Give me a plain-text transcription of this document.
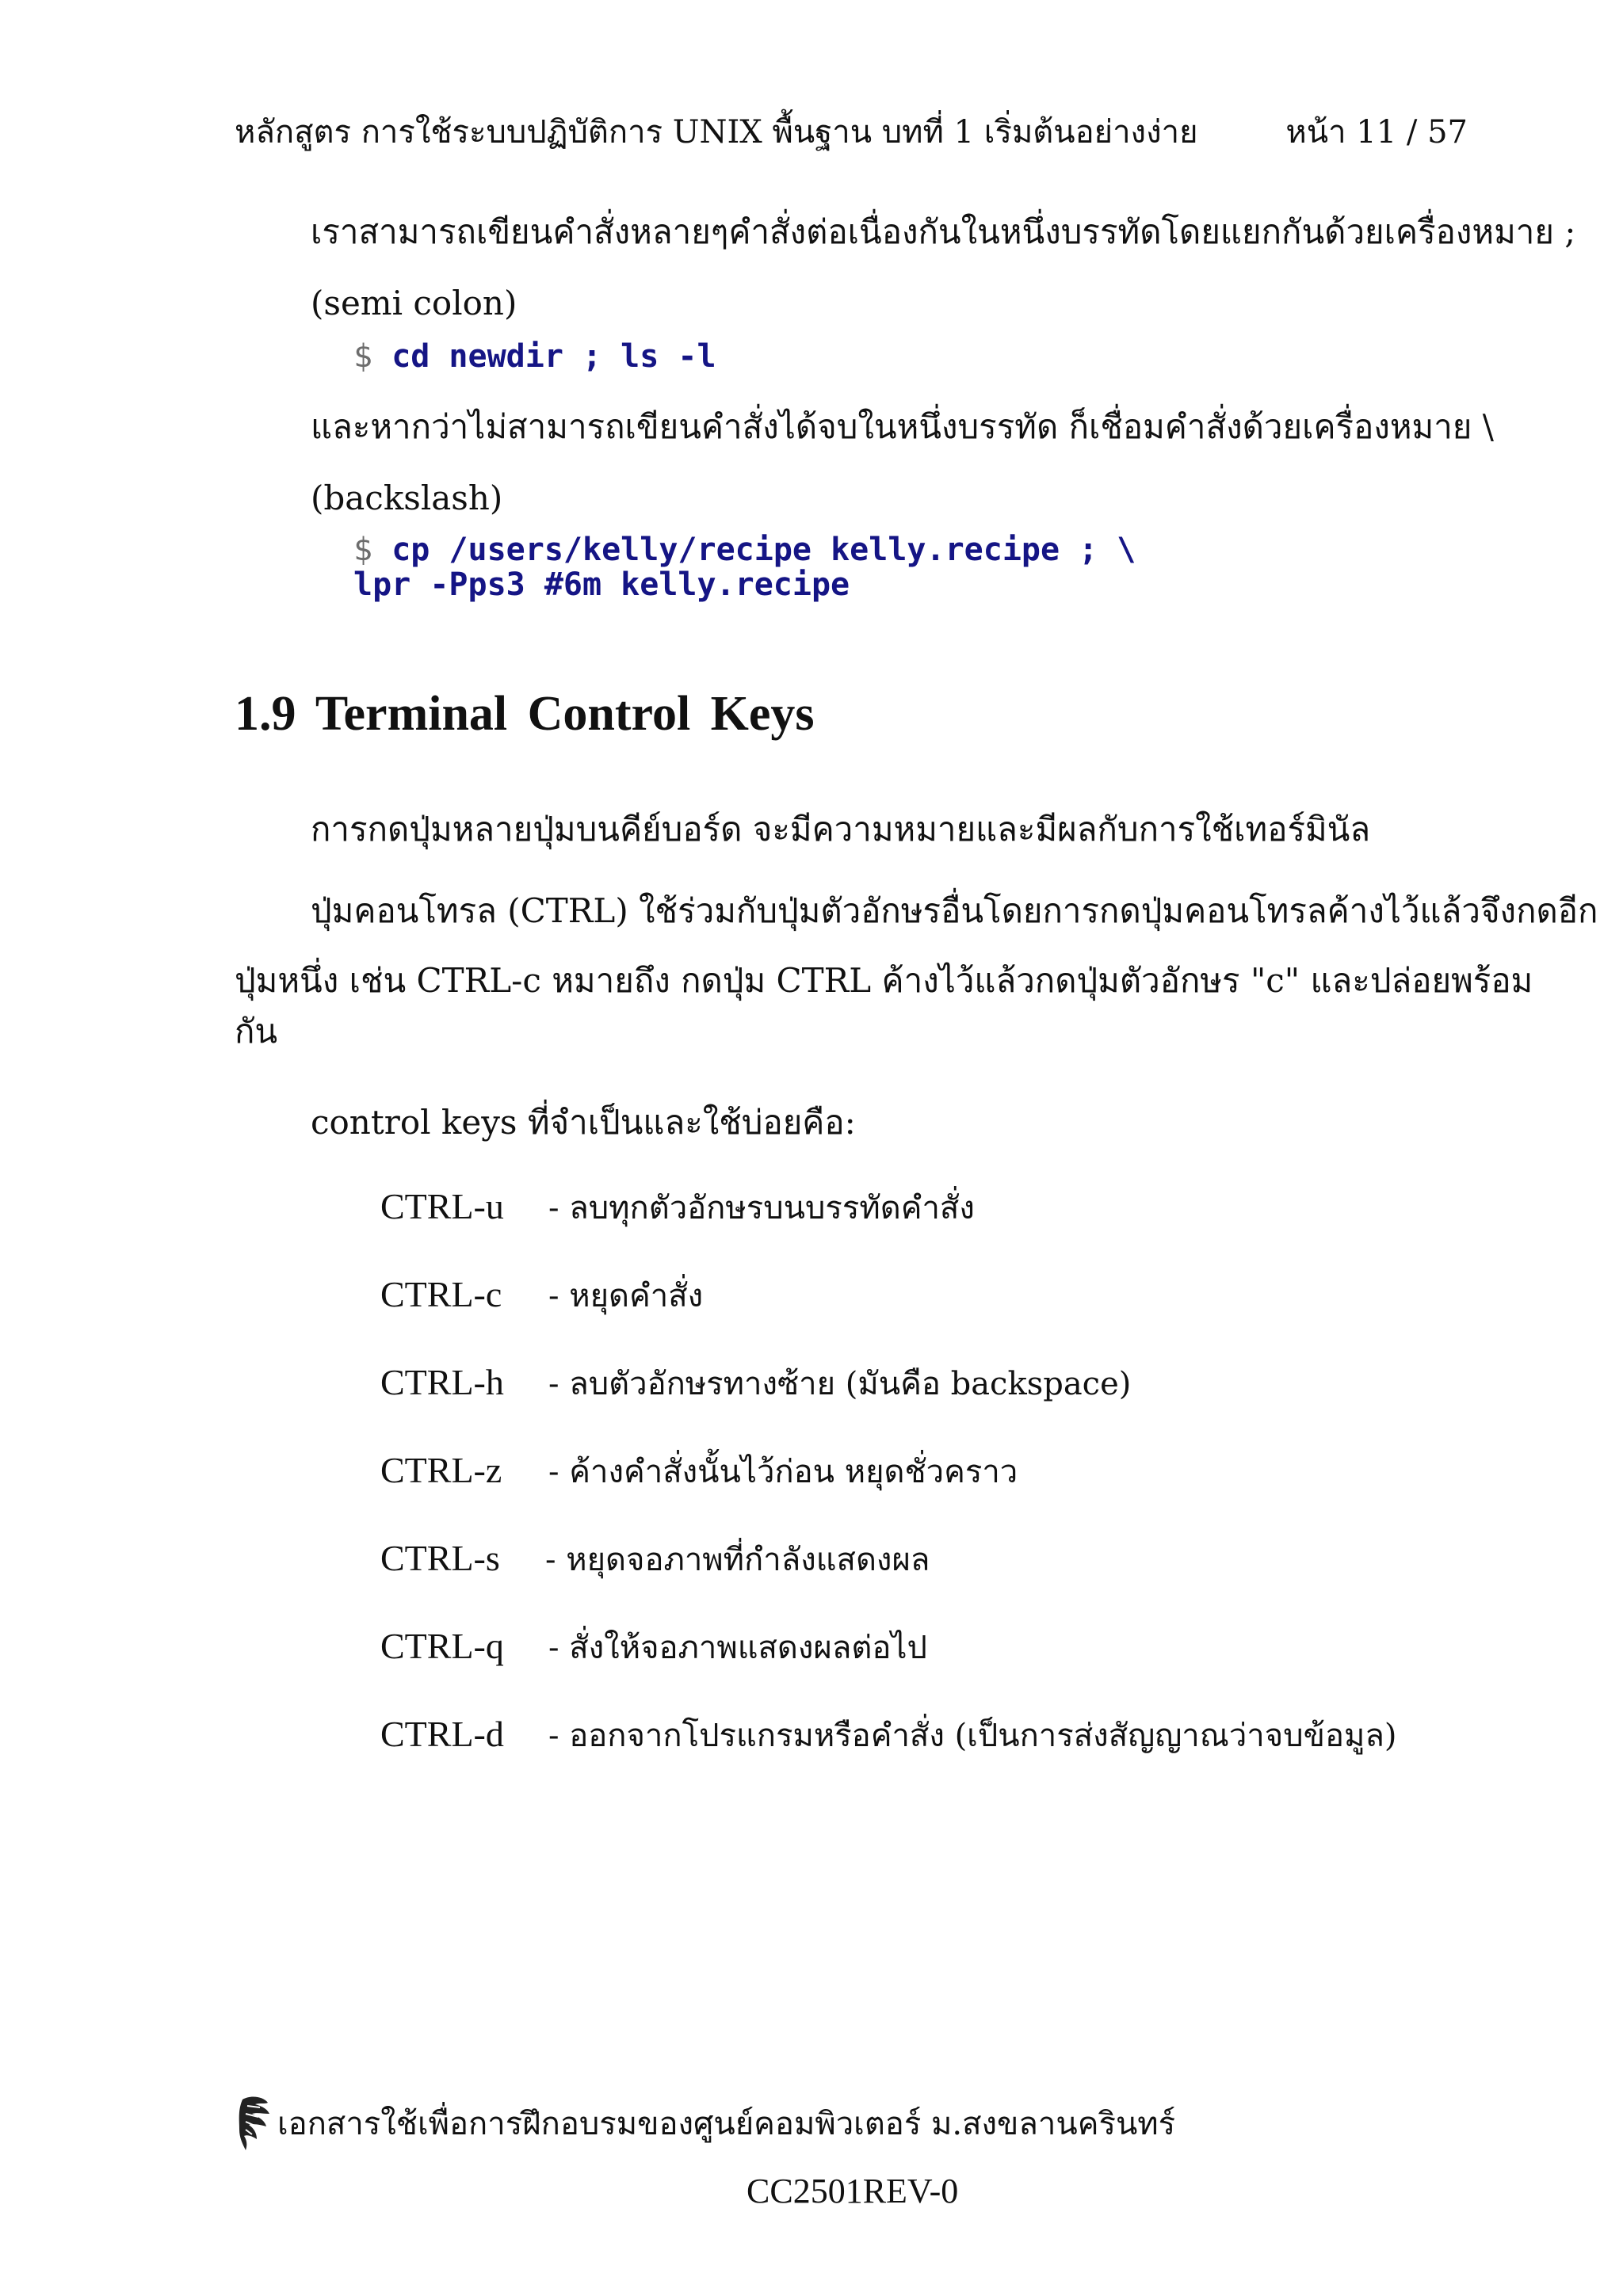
หลักสูตร การใช้ระบบปฏิบัติการ UNIX พื้นฐาน บทที่ 1 เริ่มต้นอย่างง่าย	หน้า 11 / 57
เราสามารถเขียนคำสั่งหลายๆคำสั่งต่อเนื่องกันในหนึ่งบรรทัดโดยแยกกันด้วยเครื่องหมาย ;
(semi colon)
$ cd newdir ; ls -l
และหากว่าไม่สามารถเขียนคำสั่งได้จบในหนึ่งบรรทัด ก็เชื่อมคำสั่งด้วยเครื่องหมาย \
(backslash)
$ cp /users/kelly/recipe kelly.recipe ; \
lpr -Pps3 #6m kelly.recipe
1.9 Terminal Control Keys
การกดปุ่มหลายปุ่มบนคีย์บอร์ด จะมีความหมายและมีผลกับการใช้เทอร์มินัล
ปุ่มคอนโทรล (CTRL) ใช้ร่วมกับปุ่มตัวอักษรอื่นโดยการกดปุ่มคอนโทรลค้างไว้แล้วจึงกดอีก
ปุ่มหนึ่ง เช่น CTRL-c หมายถึง กดปุ่ม CTRL ค้างไว้แล้วกดปุ่มตัวอักษร "c" และปล่อยพร้อม
กัน
control keys ที่จำเป็นและใช้บ่อยคือ:
CTRL-u - ลบทุกตัวอักษรบนบรรทัดคำสั่ง
CTRL-c - หยุดคำสั่ง
CTRL-h - ลบตัวอักษรทางซ้าย (มันคือ backspace)
CTRL-z - ค้างคำสั่งนั้นไว้ก่อน หยุดชั่วคราว
CTRL-s - หยุดจอภาพที่กำลังแสดงผล
CTRL-q - สั่งให้จอภาพแสดงผลต่อไป
CTRL-d - ออกจากโปรแกรมหรือคำสั่ง (เป็นการส่งสัญญาณว่าจบข้อมูล)
เอกสารใช้เพื่อการฝึกอบรมของศูนย์คอมพิวเตอร์ ม.สงขลานครินทร์
CC2501REV-0
